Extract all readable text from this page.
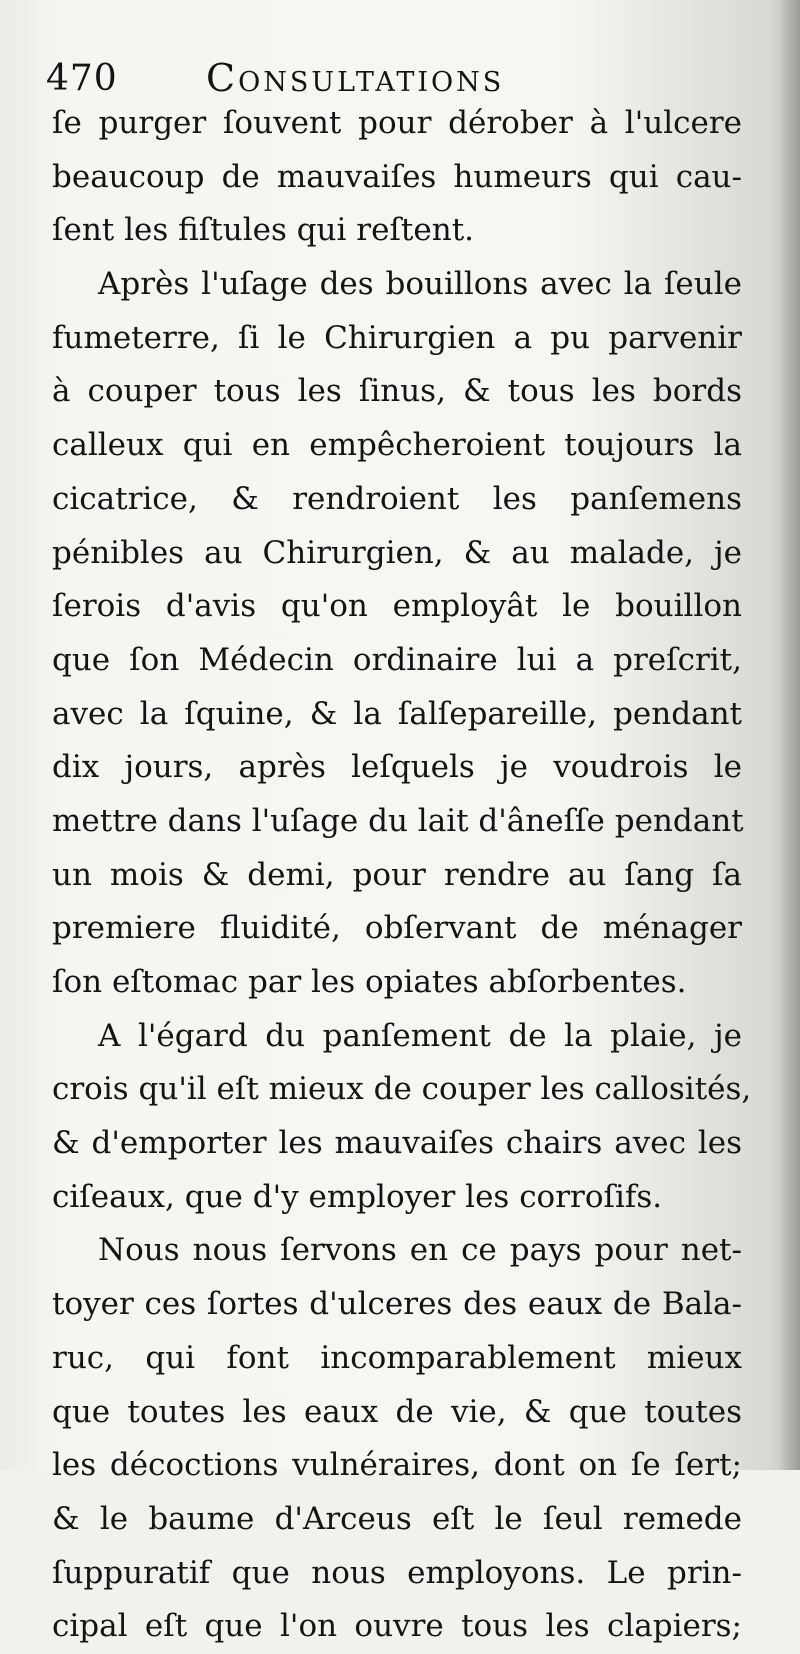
470 Consultations
ſe purger ſouvent pour dérober à l'ulcere
beaucoup de mauvaiſes humeurs qui cau-
ſent les fiſtules qui reſtent.
Après l'uſage des bouillons avec la ſeule
fumeterre, ſi le Chirurgien a pu parvenir
à couper tous les ſinus, & tous les bords
calleux qui en empêcheroient toujours la
cicatrice, & rendroient les panſemens
pénibles au Chirurgien, & au malade, je
ſerois d'avis qu'on employât le bouillon
que ſon Médecin ordinaire lui a preſcrit,
avec la ſquine, & la ſalſepareille, pendant
dix jours, après leſquels je voudrois le
mettre dans l'uſage du lait d'âneſſe pendant
un mois & demi, pour rendre au ſang ſa
premiere fluidité, obſervant de ménager
ſon eſtomac par les opiates abſorbentes.
A l'égard du panſement de la plaie, je
crois qu'il eſt mieux de couper les callosités,
& d'emporter les mauvaiſes chairs avec les
ciſeaux, que d'y employer les corroſifs.
Nous nous ſervons en ce pays pour net-
toyer ces ſortes d'ulceres des eaux de Bala-
ruc, qui font incomparablement mieux
que toutes les eaux de vie, & que toutes
les décoctions vulnéraires, dont on ſe ſert;
& le baume d'Arceus eſt le ſeul remede
ſuppuratif que nous employons. Le prin-
cipal eſt que l'on ouvre tous les clapiers;
